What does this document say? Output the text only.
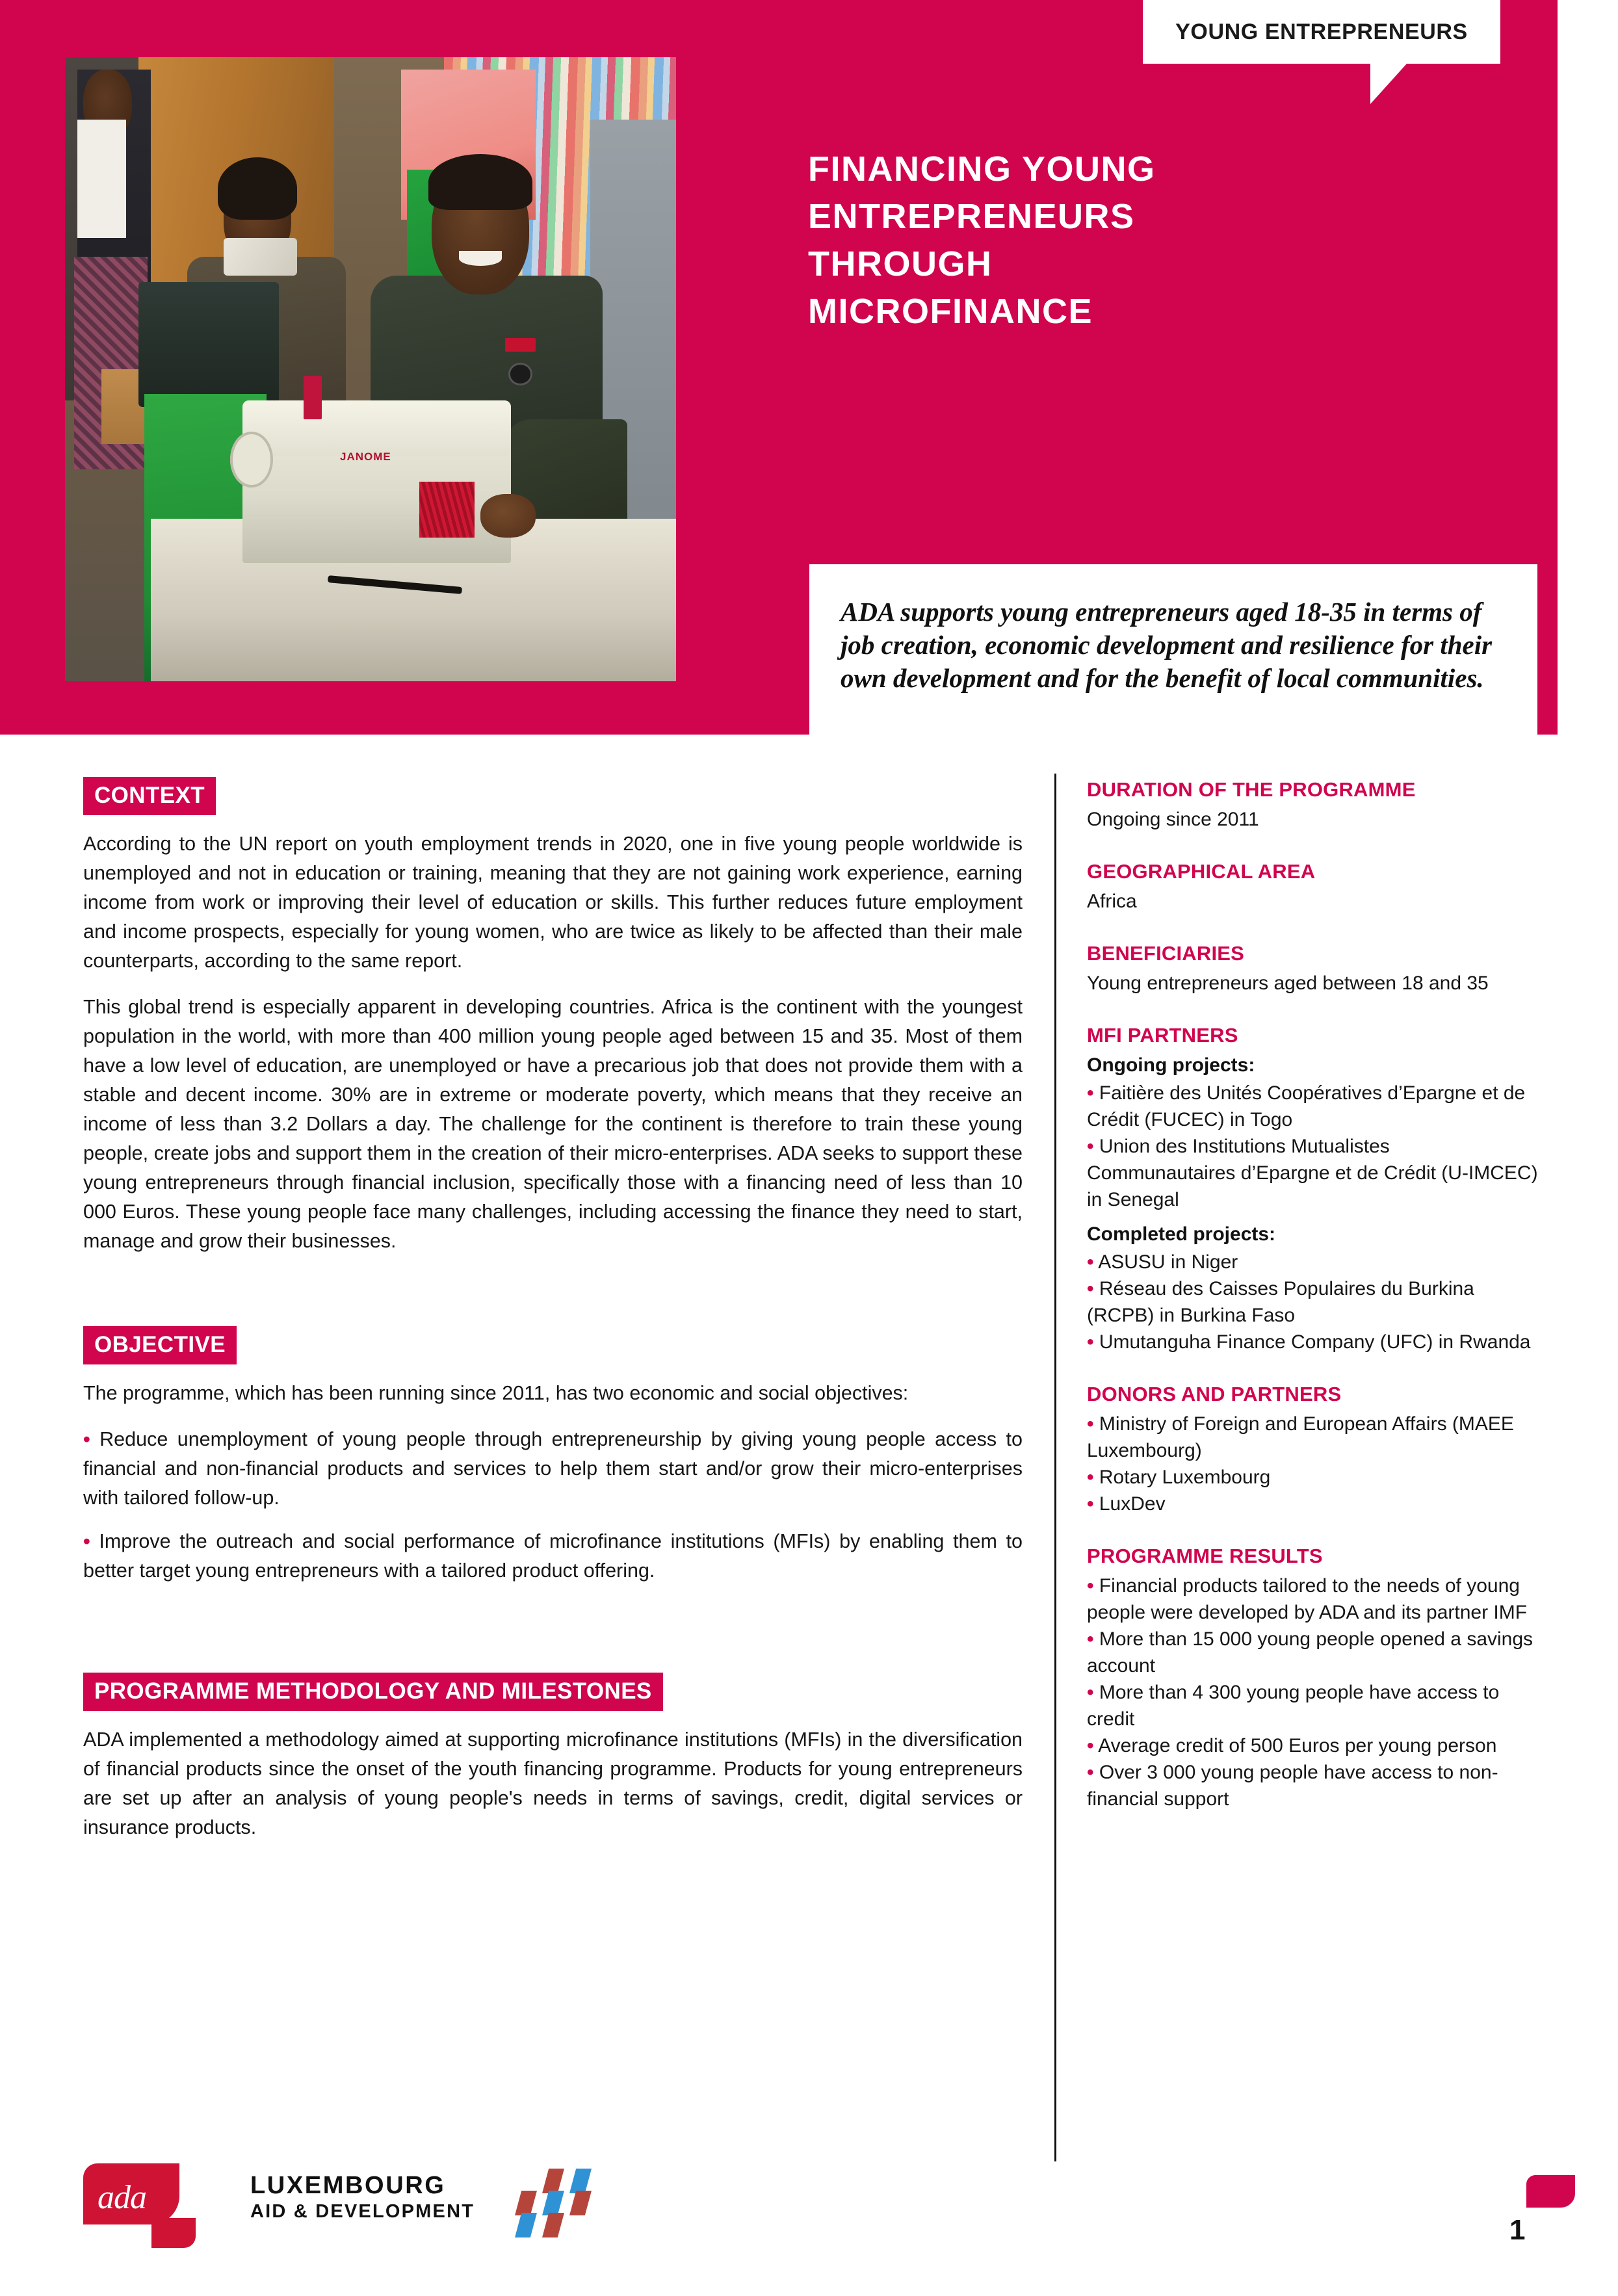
YOUNG ENTREPRENEURS
JANOME
FINANCING YOUNG
ENTREPRENEURS
THROUGH
MICROFINANCE
ADA supports young entrepreneurs aged 18-35 in terms of job creation, economic development and resilience for their own development and for the benefit of local communities.
CONTEXT

According to the UN report on youth employment trends in 2020, one in five young people worldwide is unemployed and not in education or training, meaning that they are not gaining work experience, earning income from work or improving their level of education or skills. This further reduces future employment and income prospects, especially for young women, who are twice as likely to be affected than their male counterparts, according to the same report.

This global trend is especially apparent in developing countries. Africa is the continent with the youngest population in the world, with more than 400 million young people aged between 15 and 35. Most of them have a low level of education, are unemployed or have a precarious job that does not provide them with a stable and decent income. 30% are in extreme or moderate poverty, which means that they receive an income of less than 3.2 Dollars a day. The challenge for the continent is therefore to train these young people, create jobs and support them in the creation of their micro-enterprises. ADA seeks to support these young entrepreneurs through financial inclusion, specifically those with a financing need of less than 10 000 Euros. These young people face many challenges, including accessing the finance they need to start, manage and grow their businesses.

OBJECTIVE

The programme, which has been running since 2011, has two economic and social objectives:

• Reduce unemployment of young people through entrepreneurship by giving young people access to financial and non-financial products and services to help them start and/or grow their micro-enterprises with tailored follow-up.

• Improve the outreach and social performance of microfinance institutions (MFIs) by enabling them to better target young entrepreneurs with a tailored product offering.

PROGRAMME METHODOLOGY AND MILESTONES

ADA implemented a methodology aimed at supporting microfinance institutions (MFIs) in the diversification of financial products since the onset of the youth financing programme. Products for young entrepreneurs are set up after an analysis of young people's needs in terms of savings, credit, digital services or insurance products.

DURATION OF THE PROGRAMME
Ongoing since 2011
GEOGRAPHICAL AREA
Africa
BENEFICIARIES
Young entrepreneurs aged between 18 and 35
MFI PARTNERS
Ongoing projects:
• Faitière des Unités Coopératives d’Epargne et de Crédit (FUCEC) in Togo
• Union des Institutions Mutualistes Communautaires d’Epargne et de Crédit (U-IMCEC) in Senegal
Completed projects:
• ASUSU in Niger
• Réseau des Caisses Populaires du Burkina (RCPB) in Burkina Faso
• Umutanguha Finance Company (UFC) in Rwanda
DONORS AND PARTNERS
• Ministry of Foreign and European Affairs (MAEE Luxembourg)
• Rotary Luxembourg
• LuxDev
PROGRAMME RESULTS
• Financial products tailored to the needs of young people were developed by ADA and its partner IMF
• More than 15 000 young people opened a savings account
• More than 4 300 young people have access to credit
• Average credit of 500 Euros per young person
• Over 3 000 young people have access to non-financial support
ada	LUXEMBOURG
AID & DEVELOPMENT
1
